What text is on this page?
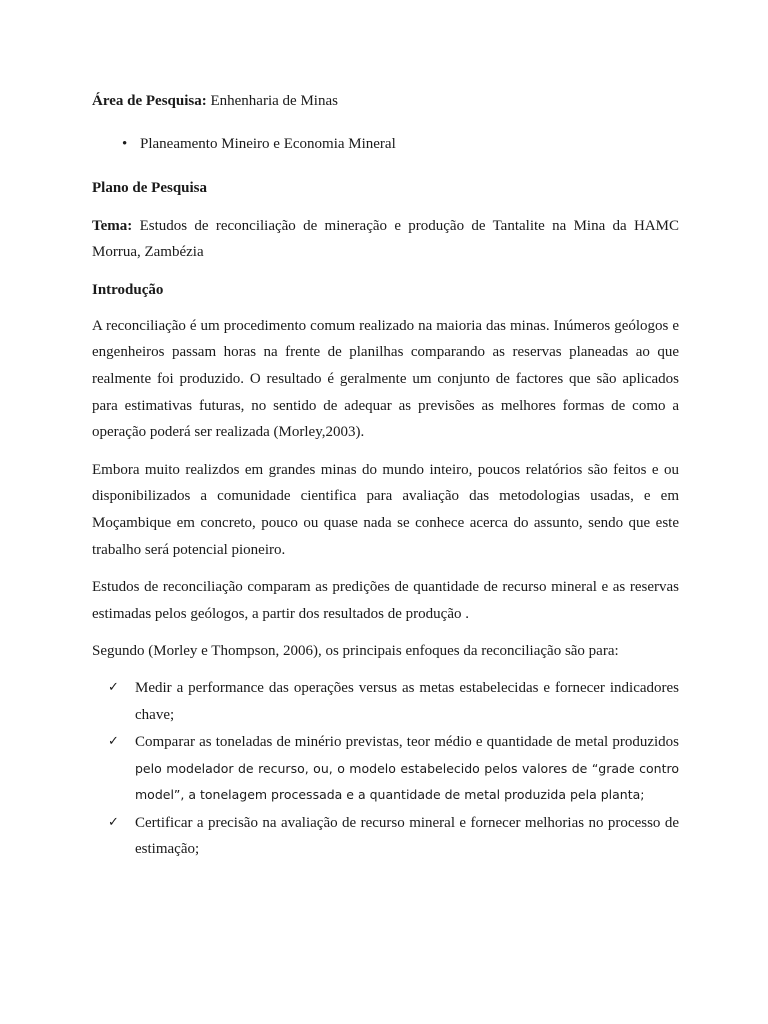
Área de Pesquisa: Enhenharia de Minas

• Planeamento Mineiro e Economia Mineral

Plano de Pesquisa

Tema: Estudos de reconciliação de mineração e produção de Tantalite na Mina da HAMC Morrua, Zambézia

Introdução

A reconciliação é um procedimento comum realizado na maioria das minas. Inúmeros geólogos e engenheiros passam horas na frente de planilhas comparando as reservas planeadas ao que realmente foi produzido. O resultado é geralmente um conjunto de factores que são aplicados para estimativas futuras, no sentido de adequar as previsões as melhores formas de como a operação poderá ser realizada (Morley,2003).

Embora muito realizdos em grandes minas do mundo inteiro, poucos relatórios são feitos e ou disponibilizados a comunidade cientifica para avaliação das metodologias usadas, e em Moçambique em concreto, pouco ou quase nada se conhece acerca do assunto, sendo que este trabalho será potencial pioneiro.

Estudos de reconciliação comparam as predições de quantidade de recurso mineral e as reservas estimadas pelos geólogos, a partir dos resultados de produção .

Segundo (Morley e Thompson, 2006), os principais enfoques da reconciliação são para:

✓ Medir a performance das operações versus as metas estabelecidas e fornecer indicadores chave;
✓ Comparar as toneladas de minério previstas, teor médio e quantidade de metal produzidos pelo modelador de recurso, ou, o modelo estabelecido pelos valores de “grade contro model”, a tonelagem processada e a quantidade de metal produzida pela planta;
✓ Certificar a precisão na avaliação de recurso mineral e fornecer melhorias no processo de estimação;
